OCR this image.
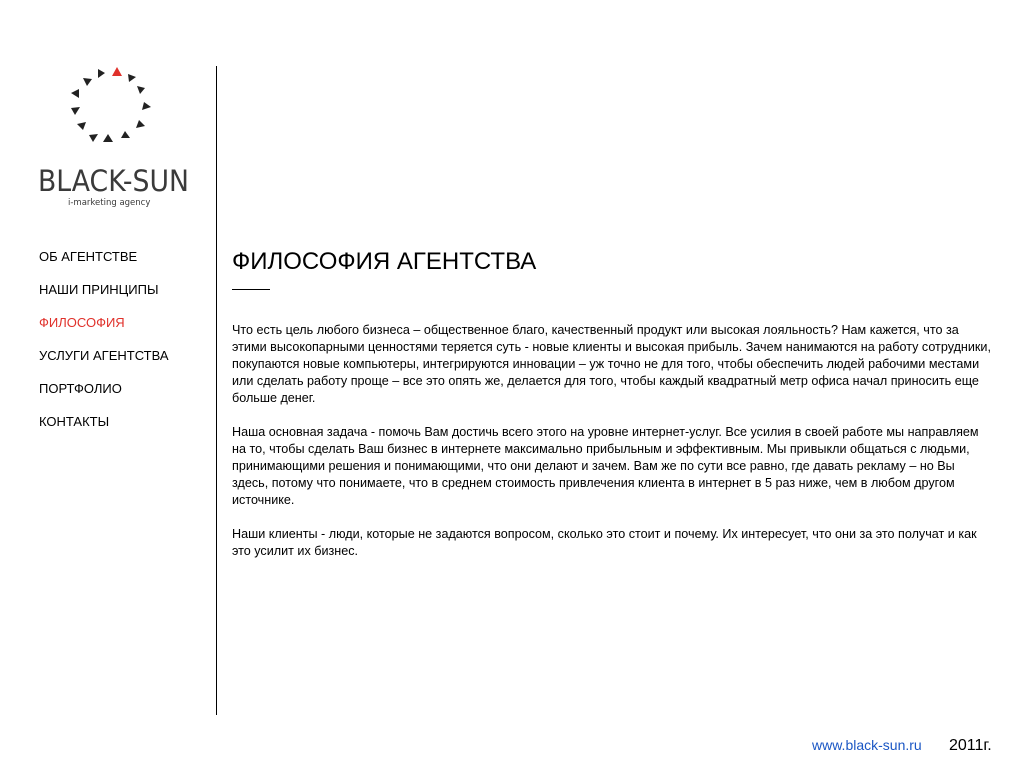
BLACK-SUN
i-marketing agency
ОБ АГЕНТСТВЕ
НАШИ ПРИНЦИПЫ
ФИЛОСОФИЯ
УСЛУГИ АГЕНТСТВА
ПОРТФОЛИО
КОНТАКТЫ
ФИЛОСОФИЯ АГЕНТСТВА

Что есть цель любого бизнеса – общественное благо, качественный продукт или высокая лояльность? Нам кажется, что за этими высокопарными ценностями теряется суть - новые клиенты и высокая прибыль. Зачем нанимаются на работу сотрудники, покупаются новые компьютеры, интегрируются инновации – уж точно не для того, чтобы обеспечить людей рабочими местами или сделать работу проще – все это опять же, делается для того, чтобы каждый квадратный метр офиса начал приносить еще больше денег.

Наша основная задача - помочь Вам достичь всего этого на уровне интернет-услуг. Все усилия в своей работе мы направляем на то, чтобы сделать Ваш бизнес в интернете максимально прибыльным и эффективным. Мы привыкли общаться с людьми, принимающими решения и понимающими, что они делают и зачем. Вам же по сути все равно, где давать рекламу – но Вы здесь, потому что понимаете, что в среднем стоимость привлечения клиента в интернет в 5 раз ниже, чем в любом другом источнике.

Наши клиенты - люди, которые не задаются вопросом, сколько это стоит и почему. Их интересует, что они за это получат и как это усилит их бизнес.

www.black-sun.ru 2011г.
